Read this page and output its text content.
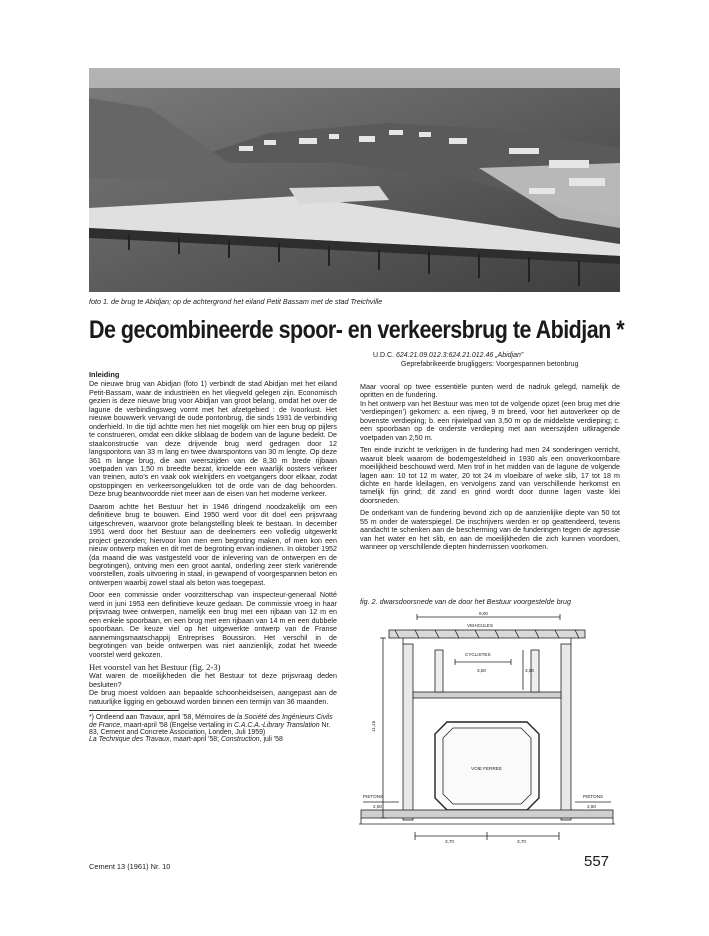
foto 1. de brug te Abidjan; op de achtergrond het eiland Petit Bassam met de stad Treichville
De gecombineerde spoor- en verkeersbrug te Abidjan *
U.D.C. 624.21.09.012.3:624.21.012.46 „Abidjan”
Geprefabrikeerde brugliggers: Voorgespannen betonbrug
Inleiding

De nieuwe brug van Abidjan (foto 1) verbindt de stad Abidjan met het eiland Petit-Bassam, waar de industrieën en het vliegveld gelegen zijn. Economisch gezien is deze nieuwe brug voor Abidjan van groot belang, omdat het over de lagune de verbindingsweg vormt met het afzetgebied : de Ivoorkust. Het nieuwe bouwwerk vervangt de oude pontonbrug, die sinds 1931 de verbinding onderhield. In die tijd achtte men het niet mogelijk om hier een brug op pijlers te construeren, omdat een dikke sliblaag de bodem van de lagune bedekt. De staalconstructie van deze drijvende brug werd gedragen door 12 langspontons van 33 m lang en twee dwarspontons van 30 m lengte. Op deze 361 m lange brug, die aan weerszijden van de 8,30 m brede rijbaan voetpaden van 1,50 m breedte bezat, krioelde een waarlijk oosters verkeer van treinen, auto’s en vaak ook wielrijders en voetgangers door elkaar, zodat opstoppingen en verkeersongelukken tot de orde van de dag behoorden. Deze brug beantwoordde niet meer aan de eisen van het moderne verkeer.

Daarom achtte het Bestuur het in 1946 dringend noodzakelijk om een definitieve brug te bouwen. Eind 1950 werd voor dit doel een prijsvraag uitgeschreven, waarvoor grote belangstelling bleek te bestaan. In december 1951 werd door het Bestuur aan de deelnemers een volledig uitgewerkt project gezonden; hiervoor kon men een begroting maken, of men kon een nieuw ontwerp maken en dit met de begroting ervan indienen. In oktober 1952 (da maand die was vastgesteld voor de inlevering van de ontwerpen en de begrotingen), ontving men een groot aantal, onderling zeer sterk variërende voorstellen, zoals uitvoering in staal, in gewapend of voorgespannen beton en ontwerpen waarbij zowel staal als beton was toegepast.

Door een commissie onder voorzitterschap van inspecteur-generaal Notté werd in juni 1953 een definitieve keuze gedaan. De commissie vroeg in haar prijsvraag twee ontwerpen, namelijk een brug met een rijbaan van 12 m en een enkele spoorbaan, en een brug met een rijbaan van 14 m en een dubbele spoorbaan. De keuze viel op het uitgewerkte ontwerp van de Franse aannemingsmaatschappij Entreprises Boussiron. Het verschil in de begrotingen van beide ontwerpen was niet aanzienlijk, zodat het tweede voorstel werd gekozen.

Het voorstel van het Bestuur (fig. 2-3)

Wat waren de moeilijkheden die het Bestuur tot deze prijsvraag deden besluiten?

De brug moest voldoen aan bepaalde schoonheidseisen, aangepast aan de natuurlijke ligging en gebouwd worden binnen een termijn van 36 maanden.

*) Ontleend aan Travaux, april '58, Mémoires de la Société des Ingénieurs Civils de France, maart-april '58 (Engelse vertaling in C.A.C.A.-Library Translation Nr. 83, Cement and Concrete Association, Londen, Juli 1959)
La Technique des Travaux, maart-april '58; Construction, juli '58

Maar vooral op twee essentiële punten werd de nadruk gelegd, namelijk de opritten en de fundering.

In het ontwerp van het Bestuur was men tot de volgende opzet (een brug met drie ‘verdiepingen’) gekomen: a. een rijweg, 9 m breed, voor het autoverkeer op de bovenste verdieping; b. een rijwielpad van 3,50 m op de middelste verdieping; c. een spoorbaan op de onderste verdieping met aan weerszijden uitkragende voetpaden van 2,50 m.

Ten einde inzicht te verkrijgen in de fundering had men 24 sonderingen verricht, waaruit bleek waarom de bodemgesteldheid in 1930 als een onoverkoombare moeilijkheid beschouwd werd. Men trof in het midden van de lagune de volgende lagen aan: 10 tot 12 m water, 20 tot 24 m vloeibare of weke slib, 17 tot 18 m dichte en harde kleilagen, en vervolgens zand van verschillende herkomst en tamelijk fijn grind; dit zand en grind wordt door dunne lagen vaste klei doorsneden.

De onderkant van de fundering bevond zich op de aanzienlijke diepte van 50 tot 55 m onder de waterspiegel. De inschrijvers werden er op geattendeerd, tevens aandacht te schenken aan de bescherming van de funderingen tegen de agressie van het water en het slib, en aan de moeilijkheden die zich kunnen voordoen, wanneer op verschillende diepten hindernissen voorkomen.

fig. 2. dwarsdoorsnede van de door het Bestuur voorgestelde brug
9,00
VEHICULES
CYCLISTES
3,50	3,80
VOIE FERREE
PIETONS	PIETONS
2,50	2,50
11,15
3,70	3,70
Cement 13 (1961) Nr. 10	557
